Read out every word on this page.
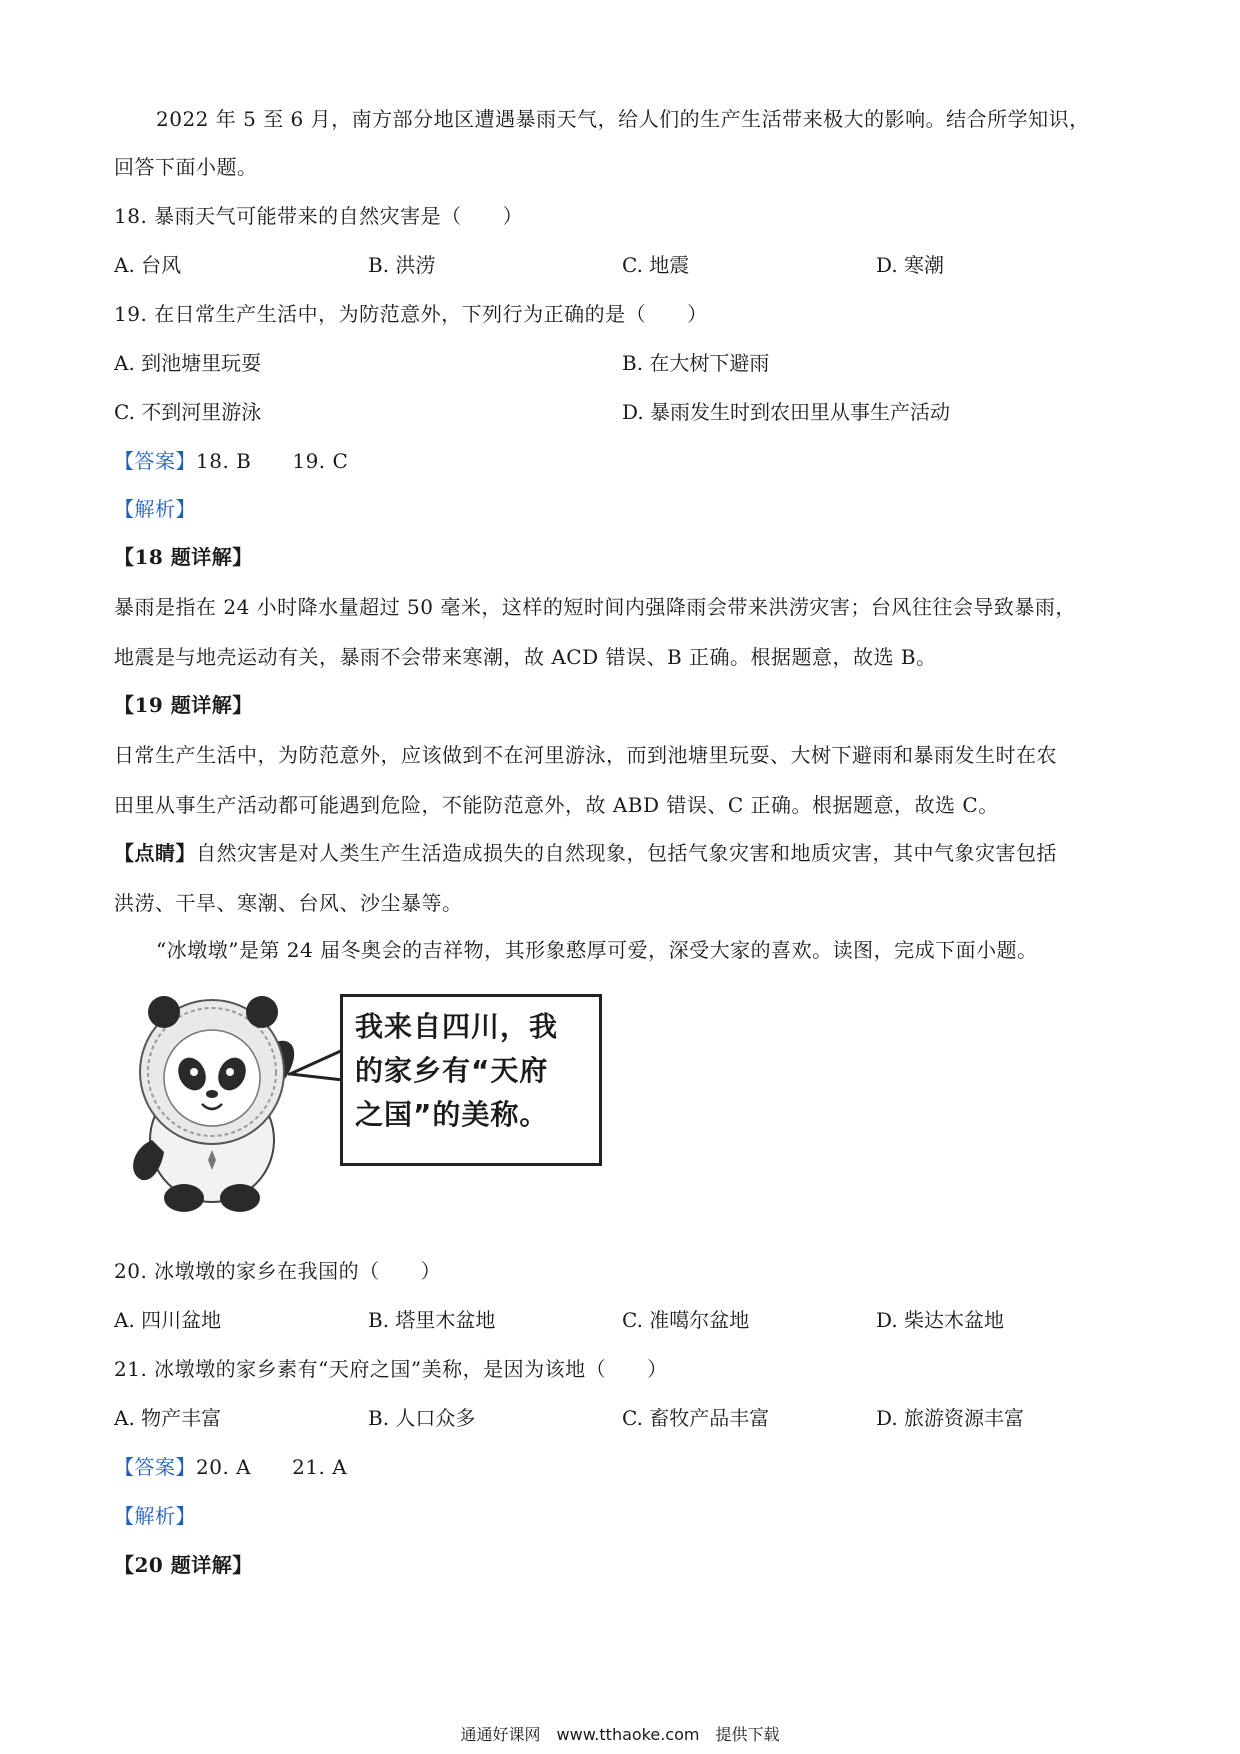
2022 年 5 至 6 月，南方部分地区遭遇暴雨天气，给人们的生产生活带来极大的影响。结合所学知识，
回答下面小题。
18. 暴雨天气可能带来的自然灾害是（　　）
A. 台风	B. 洪涝	C. 地震	D. 寒潮
19. 在日常生产生活中，为防范意外，下列行为正确的是（　　）
A. 到池塘里玩耍	B. 在大树下避雨
C. 不到河里游泳	D. 暴雨发生时到农田里从事生产活动
【答案】18. B　　19. C
【解析】
【18 题详解】
暴雨是指在 24 小时降水量超过 50 毫米，这样的短时间内强降雨会带来洪涝灾害；台风往往会导致暴雨，
地震是与地壳运动有关，暴雨不会带来寒潮，故 ACD 错误、B 正确。根据题意，故选 B。
【19 题详解】
日常生产生活中，为防范意外，应该做到不在河里游泳，而到池塘里玩耍、大树下避雨和暴雨发生时在农
田里从事生产活动都可能遇到危险，不能防范意外，故 ABD 错误、C 正确。根据题意，故选 C。
【点睛】自然灾害是对人类生产生活造成损失的自然现象，包括气象灾害和地质灾害，其中气象灾害包括
洪涝、干旱、寒潮、台风、沙尘暴等。
“冰墩墩”是第 24 届冬奥会的吉祥物，其形象憨厚可爱，深受大家的喜欢。读图，完成下面小题。
我来自四川，我
的家乡有“天府
之国”的美称。
20. 冰墩墩的家乡在我国的（　　）
A. 四川盆地	B. 塔里木盆地	C. 准噶尔盆地	D. 柴达木盆地
21. 冰墩墩的家乡素有“天府之国”美称，是因为该地（　　）
A. 物产丰富	B. 人口众多	C. 畜牧产品丰富	D. 旅游资源丰富
【答案】20. A　　21. A
【解析】
【20 题详解】
通通好课网　www.tthaoke.com　提供下载
